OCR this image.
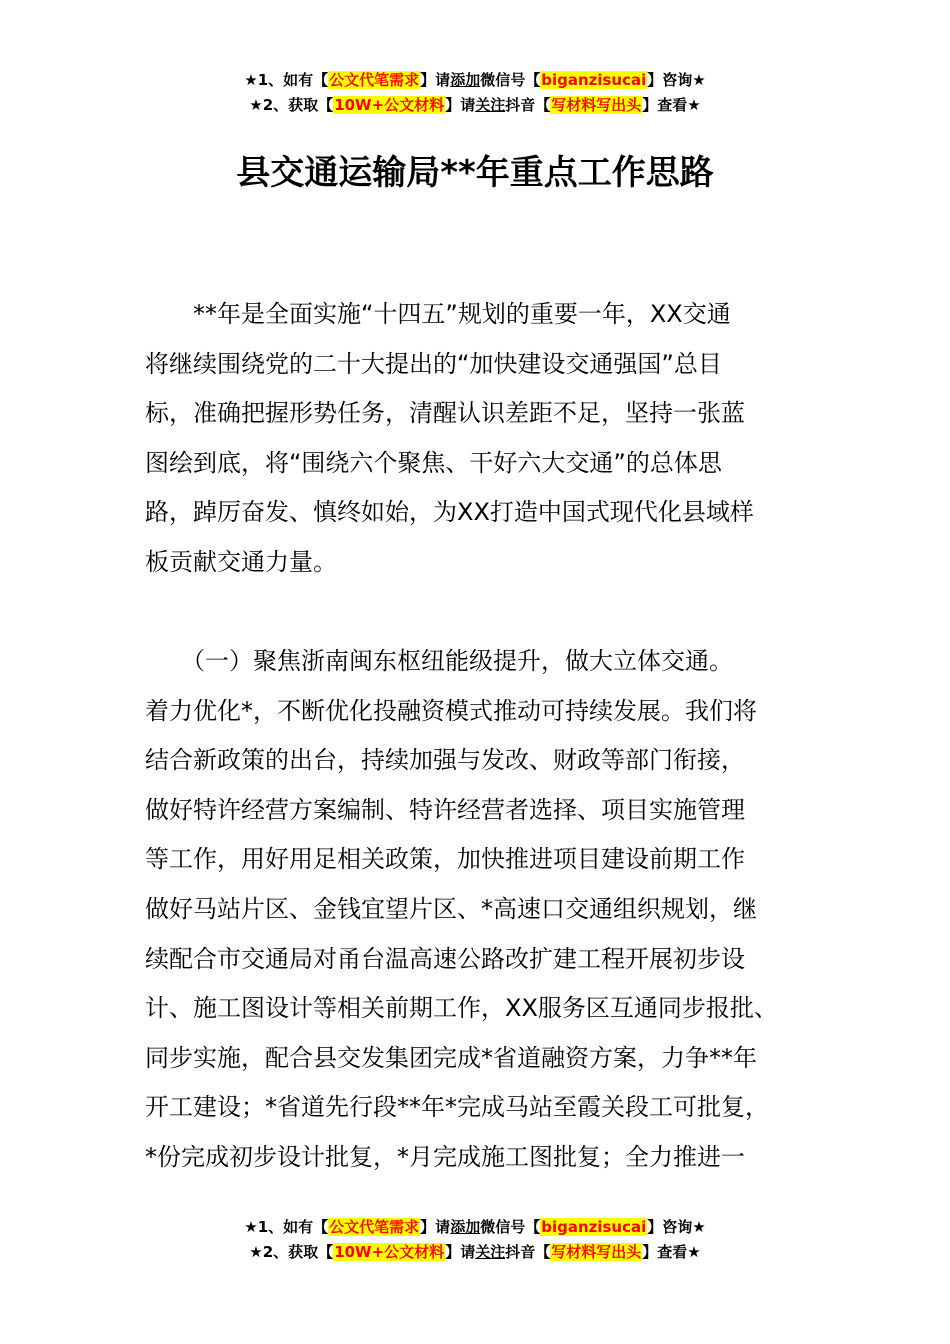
★1、如有【公文代笔需求】请添加微信号【biganzisucai】咨询★
★2、获取【10W+公文材料】请关注抖音【写材料写出头】查看★
县交通运输局**年重点工作思路
　　**年是全面实施“十四五”规划的重要一年，XX交通
将继续围绕党的二十大提出的“加快建设交通强国”总目
标，准确把握形势任务，清醒认识差距不足，坚持一张蓝
图绘到底，将“围绕六个聚焦、干好六大交通”的总体思
路，踔厉奋发、慎终如始，为XX打造中国式现代化县域样
板贡献交通力量。
　　（一）聚焦浙南闽东枢纽能级提升，做大立体交通。
着力优化*，不断优化投融资模式推动可持续发展。我们将
结合新政策的出台，持续加强与发改、财政等部门衔接，
做好特许经营方案编制、特许经营者选择、项目实施管理
等工作，用好用足相关政策，加快推进项目建设前期工作
做好马站片区、金钱宜望片区、*高速口交通组织规划，继
续配合市交通局对甬台温高速公路改扩建工程开展初步设
计、施工图设计等相关前期工作，XX服务区互通同步报批、
同步实施，配合县交发集团完成*省道融资方案，力争**年
开工建设；*省道先行段**年*完成马站至霞关段工可批复，
*份完成初步设计批复，*月完成施工图批复；全力推进一
★1、如有【公文代笔需求】请添加微信号【biganzisucai】咨询★
★2、获取【10W+公文材料】请关注抖音【写材料写出头】查看★
